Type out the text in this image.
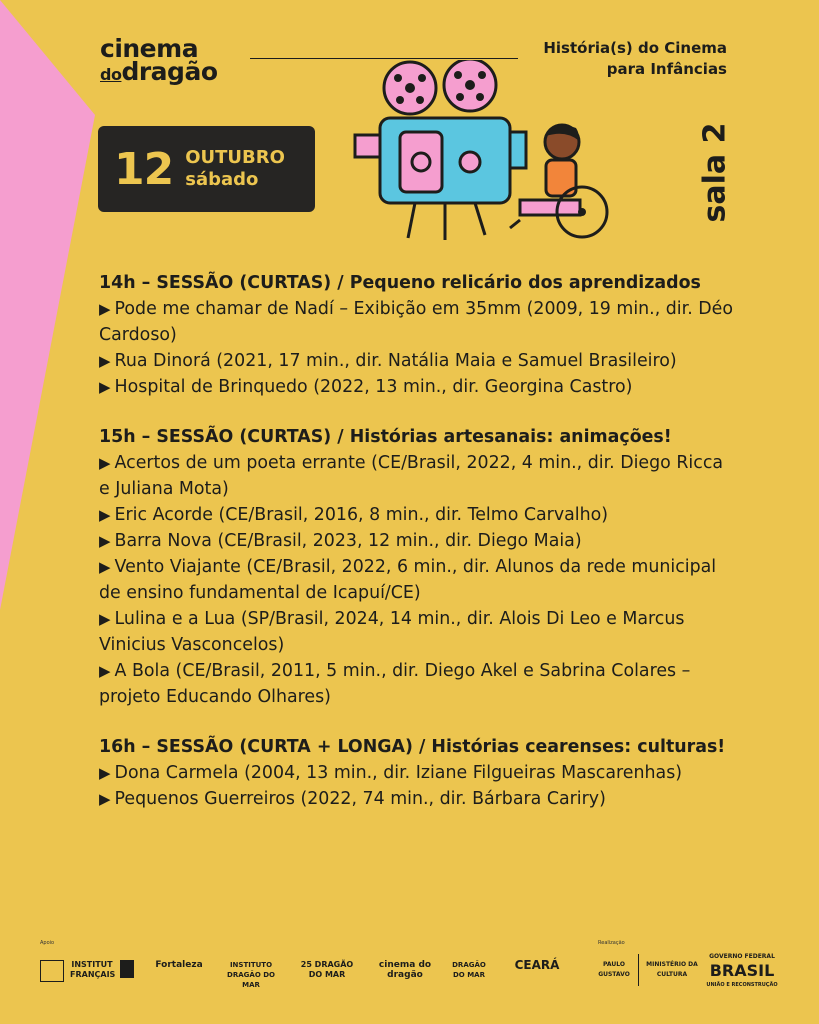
cinema
dodragão
História(s) do Cinema
para Infâncias
12 OUTUBRO
sábado	sala 2

14h – SESSÃO (CURTAS) / Pequeno relicário dos aprendizados

▶ Pode me chamar de Nadí – Exibição em 35mm (2009, 19 min., dir. Déo Cardoso)

▶ Rua Dinorá (2021, 17 min., dir. Natália Maia e Samuel Brasileiro)

▶ Hospital de Brinquedo (2022, 13 min., dir. Georgina Castro)

15h – SESSÃO (CURTAS) / Histórias artesanais: animações!

▶ Acertos de um poeta errante (CE/Brasil, 2022, 4 min., dir. Diego Ricca e Juliana Mota)

▶ Eric Acorde (CE/Brasil, 2016, 8 min., dir. Telmo Carvalho)

▶ Barra Nova (CE/Brasil, 2023, 12 min., dir. Diego Maia)

▶ Vento Viajante (CE/Brasil, 2022, 6 min., dir. Alunos da rede municipal de ensino fundamental de Icapuí/CE)

▶ Lulina e a Lua (SP/Brasil, 2024, 14 min., dir. Alois Di Leo e Marcus Vinicius Vasconcelos)

▶ A Bola (CE/Brasil, 2011, 5 min., dir. Diego Akel e Sabrina Colares – projeto Educando Olhares)

16h – SESSÃO (CURTA + LONGA) / Histórias cearenses: culturas!

▶ Dona Carmela (2004, 13 min., dir. Iziane Filgueiras Mascarenhas)

▶ Pequenos Guerreiros (2022, 74 min., dir. Bárbara Cariry)

Apoio	Realização
INSTITUT FRANÇAIS
Fortaleza	INSTITUTO DRAGÃO DO MAR
25 DRAGÃO DO MAR
cinema do dragão
DRAGÃO DO MAR
CEARÁ	PAULO GUSTAVO
MINISTÉRIO DA CULTURA
GOVERNO FEDERAL
BRASIL
UNIÃO E RECONSTRUÇÃO
